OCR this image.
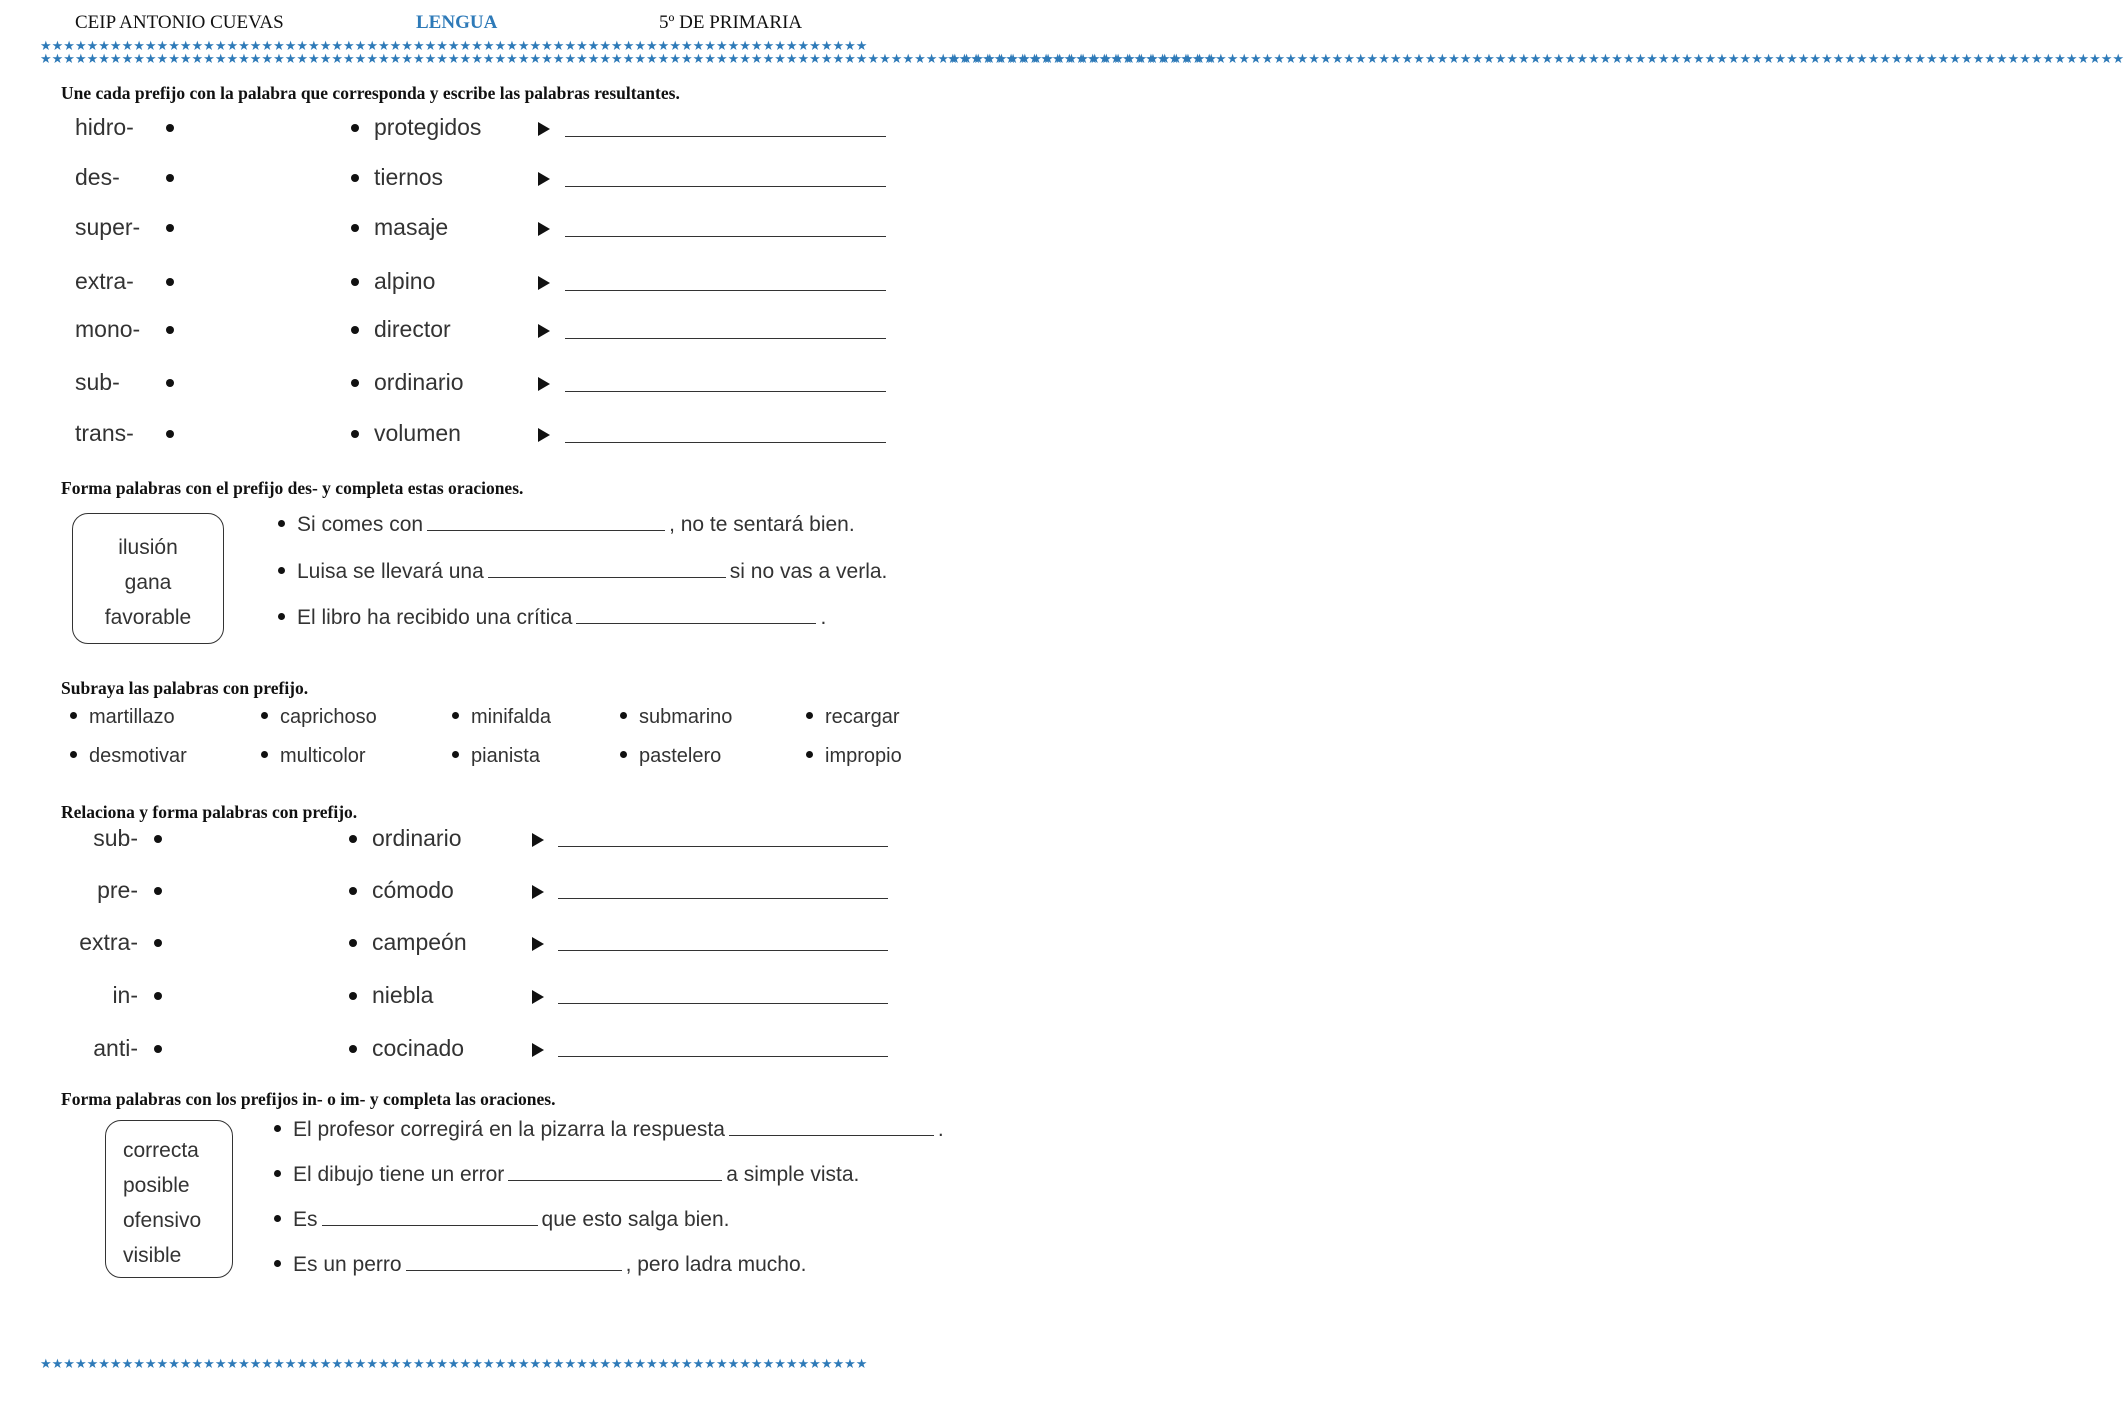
CEIP ANTONIO CUEVAS	LENGUA	5º DE PRIMARIA
★★★★★★★★★★★★★★★★★★★★★★★★★★★★★★★★★★★★★★★★★★★★★★★★★★★★★★★★★★★★★★★★★★★★★★★
★★★★★★★★★★★★★★★★★★★★★★★★★★★★★★★★★★★★★★★★★★★★★★★★★★★★★★★★★★★★★★★★★★★★★★★
★★★★★★★★★★★★★★★★★★★★★★★★★★★★★★★★★★★★★★★★★★★★★★★★★★★★★★★★★★★★★★★★★★★★★★★★★★★★★★★★★★★★★★★★★★★★★★★★★★★★★
★★★★★★★★★★★★★★★★★★★★★★★★★★★★★★★★★★★★★★★★★★★★★★★★★★★★★★★★★★★★★★★★★★★★★★★★★★★★★★★★★★★★★★★★★★★★★★★★★★★★★
Une cada prefijo con la palabra que corresponda y escribe las palabras resultantes.
hidro-	protegidos
des-	tiernos
super-	masaje
extra-	alpino
mono-	director
sub-	ordinario
trans-	volumen
Forma palabras con el prefijo des- y completa estas oraciones.
ilusión
gana
favorable
Si comes con	, no te sentará bien.
Luisa se llevará una	si no vas a verla.
El libro ha recibido una crítica	.
Subraya las palabras con prefijo.
martillazo	caprichoso	minifalda	submarino	recargar
desmotivar	multicolor	pianista	pastelero	impropio
Relaciona y forma palabras con prefijo.
sub-	ordinario
pre-	cómodo
extra-	campeón
in-	niebla
anti-	cocinado
Forma palabras con los prefijos in- o im- y completa las oraciones.
correcta
posible
ofensivo
visible
El profesor corregirá en la pizarra la respuesta	.
El dibujo tiene un error	a simple vista.
Es	que esto salga bien.
Es un perro	, pero ladra mucho.
